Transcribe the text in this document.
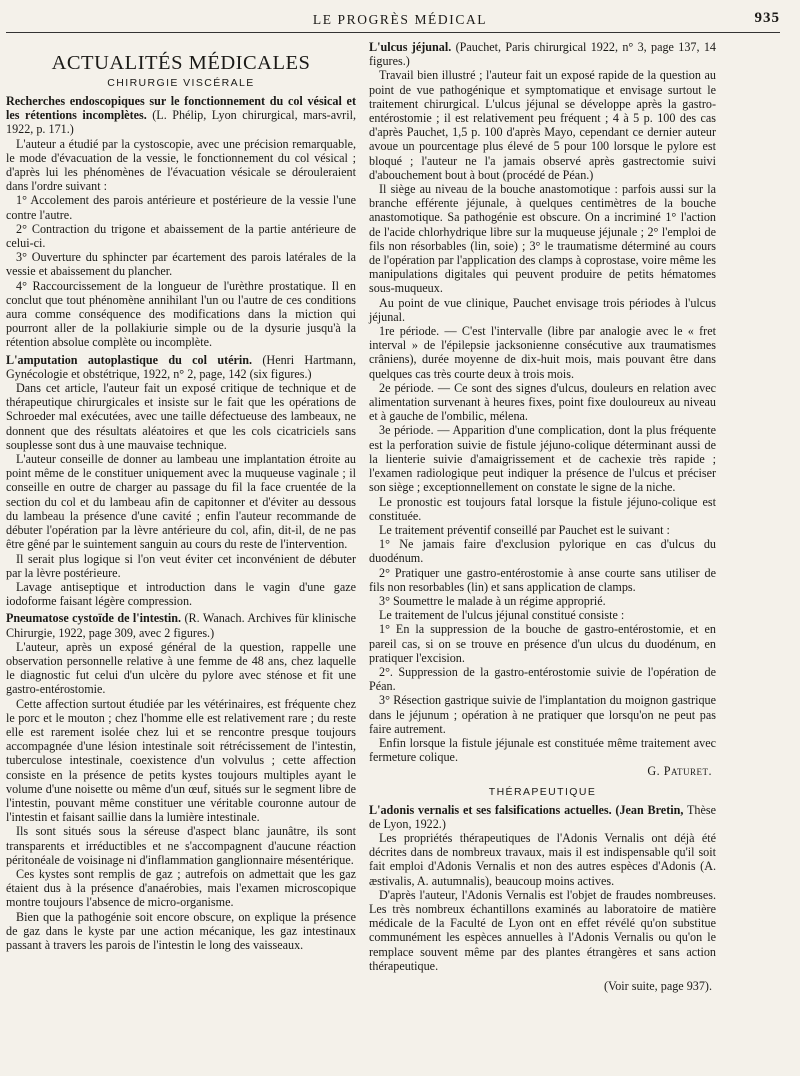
LE PROGRÈS MÉDICAL	935
ACTUALITÉS MÉDICALES
CHIRURGIE VISCÉRALE

Recherches endoscopiques sur le fonctionnement du col vésical et les rétentions incomplètes. (L. Phélip, Lyon chirurgical, mars-avril, 1922, p. 171.)

L'auteur a étudié par la cystoscopie, avec une précision remarquable, le mode d'évacuation de la vessie, le fonctionnement du col vésical ; d'après lui les phénomènes de l'évacuation vésicale se dérouleraient dans l'ordre suivant :

1° Accolement des parois antérieure et postérieure de la vessie l'une contre l'autre.

2° Contraction du trigone et abaissement de la partie antérieure de celui-ci.

3° Ouverture du sphincter par écartement des parois latérales de la vessie et abaissement du plancher.

4° Raccourcissement de la longueur de l'urèthre prostatique. Il en conclut que tout phénomène annihilant l'un ou l'autre de ces conditions aura comme conséquence des modifications dans la miction qui pourront aller de la pollakiurie simple ou de la dysurie jusqu'à la rétention absolue complète ou incomplète.

L'amputation autoplastique du col utérin. (Henri Hartmann, Gynécologie et obstétrique, 1922, n° 2, page, 142 (six figures.)

Dans cet article, l'auteur fait un exposé critique de technique et de thérapeutique chirurgicales et insiste sur le fait que les opérations de Schroeder mal exécutées, avec une taille défectueuse des lambeaux, ne donnent que des résultats aléatoires et que les cols cicatriciels sans souplesse sont dus à une mauvaise technique.

L'auteur conseille de donner au lambeau une implantation étroite au point même de le constituer uniquement avec la muqueuse vaginale ; il conseille en outre de charger au passage du fil la face cruentée de la section du col et du lambeau afin de capitonner et d'éviter au dessous du lambeau la présence d'une cavité ; enfin l'auteur recommande de débuter l'opération par la lèvre antérieure du col, afin, dit-il, de ne pas être gêné par le suintement sanguin au cours du reste de l'intervention.

Il serait plus logique si l'on veut éviter cet inconvénient de débuter par la lèvre postérieure.

Lavage antiseptique et introduction dans le vagin d'une gaze iodoforme faisant légère compression.

Pneumatose cystoïde de l'intestin. (R. Wanach. Archives für klinische Chirurgie, 1922, page 309, avec 2 figures.)

L'auteur, après un exposé général de la question, rappelle une observation personnelle relative à une femme de 48 ans, chez laquelle le diagnostic fut celui d'un ulcère du pylore avec sténose et fit une gastro-entérostomie.

Cette affection surtout étudiée par les vétérinaires, est fréquente chez le porc et le mouton ; chez l'homme elle est relativement rare ; du reste elle est rarement isolée chez lui et se rencontre presque toujours accompagnée d'une lésion intestinale soit rétrécissement de l'intestin, tuberculose intestinale, coexistence d'un volvulus ; cette affection consiste en la présence de petits kystes toujours multiples ayant le volume d'une noisette ou même d'un œuf, situés sur le segment libre de l'intestin, pouvant même constituer une véritable couronne autour de l'intestin et faisant saillie dans la lumière intestinale.

Ils sont situés sous la séreuse d'aspect blanc jaunâtre, ils sont transparents et irréductibles et ne s'accompagnent d'aucune réaction péritonéale de voisinage ni d'inflammation ganglionnaire mésentérique.

Ces kystes sont remplis de gaz ; autrefois on admettait que les gaz étaient dus à la présence d'anaérobies, mais l'examen microscopique montre toujours l'absence de micro-organisme.

Bien que la pathogénie soit encore obscure, on explique la présence de gaz dans le kyste par une action mécanique, les gaz intestinaux passant à travers les parois de l'intestin le long des vaisseaux.

L'ulcus jéjunal. (Pauchet, Paris chirurgical 1922, n° 3, page 137, 14 figures.)

Travail bien illustré ; l'auteur fait un exposé rapide de la question au point de vue pathogénique et symptomatique et envisage surtout le traitement chirurgical. L'ulcus jéjunal se développe après la gastro-entérostomie ; il est relativement peu fréquent ; 4 à 5 p. 100 des cas d'après Pauchet, 1,5 p. 100 d'après Mayo, cependant ce dernier auteur avoue un pourcentage plus élevé de 5 pour 100 lorsque le pylore est bloqué ; l'auteur ne l'a jamais observé après gastrectomie suivi d'abouchement bout à bout (procédé de Péan.)

Il siège au niveau de la bouche anastomotique : parfois aussi sur la branche efférente jéjunale, à quelques centimètres de la bouche anastomotique. Sa pathogénie est obscure. On a incriminé 1° l'action de l'acide chlorhydrique libre sur la muqueuse jéjunale ; 2° l'emploi de fils non résorbables (lin, soie) ; 3° le traumatisme déterminé au cours de l'opération par l'application des clamps à coprostase, voire même les manipulations digitales qui peuvent produire de petits hématomes sous-muqueux.

Au point de vue clinique, Pauchet envisage trois périodes à l'ulcus jéjunal.

1re période. — C'est l'intervalle (libre par analogie avec le « fret interval » de l'épilepsie jacksonienne consécutive aux traumatismes crâniens), durée moyenne de dix-huit mois, mais pouvant être dans quelques cas très courte deux à trois mois.

2e période. — Ce sont des signes d'ulcus, douleurs en relation avec alimentation survenant à heures fixes, point fixe douloureux au niveau et à gauche de l'ombilic, mélena.

3e période. — Apparition d'une complication, dont la plus fréquente est la perforation suivie de fistule jéjuno-colique déterminant aussi de la lienterie suivie d'amaigrissement et de cachexie très rapide ; l'examen radiologique peut indiquer la présence de l'ulcus et préciser son siège ; exceptionnellement on constate le signe de la niche.

Le pronostic est toujours fatal lorsque la fistule jéjuno-colique est constituée.

Le traitement préventif conseillé par Pauchet est le suivant :

1° Ne jamais faire d'exclusion pylorique en cas d'ulcus du duodénum.

2° Pratiquer une gastro-entérostomie à anse courte sans utiliser de fils non resorbables (lin) et sans application de clamps.

3° Soumettre le malade à un régime approprié.

Le traitement de l'ulcus jéjunal constitué consiste :

1° En la suppression de la bouche de gastro-entérostomie, et en pareil cas, si on se trouve en présence d'un ulcus du duodénum, en pratiquer l'excision.

2°. Suppression de la gastro-entérostomie suivie de l'opération de Péan.

3° Résection gastrique suivie de l'implantation du moignon gastrique dans le jéjunum ; opération à ne pratiquer que lorsqu'on ne peut pas faire autrement.

Enfin lorsque la fistule jéjunale est constituée même traitement avec fermeture colique.

G. Paturet.

THÉRAPEUTIQUE

L'adonis vernalis et ses falsifications actuelles. (Jean Bretin, Thèse de Lyon, 1922.)

Les propriétés thérapeutiques de l'Adonis Vernalis ont déjà été décrites dans de nombreux travaux, mais il est indispensable qu'il soit fait emploi d'Adonis Vernalis et non des autres espèces d'Adonis (A. æstivalis, A. autumnalis), beaucoup moins actives.

D'après l'auteur, l'Adonis Vernalis est l'objet de fraudes nombreuses. Les très nombreux échantillons examinés au laboratoire de matière médicale de la Faculté de Lyon ont en effet révélé qu'on substitue communément les espèces annuelles à l'Adonis Vernalis ou qu'on le remplace souvent même par des plantes étrangères et sans action thérapeutique.

(Voir suite, page 937).
